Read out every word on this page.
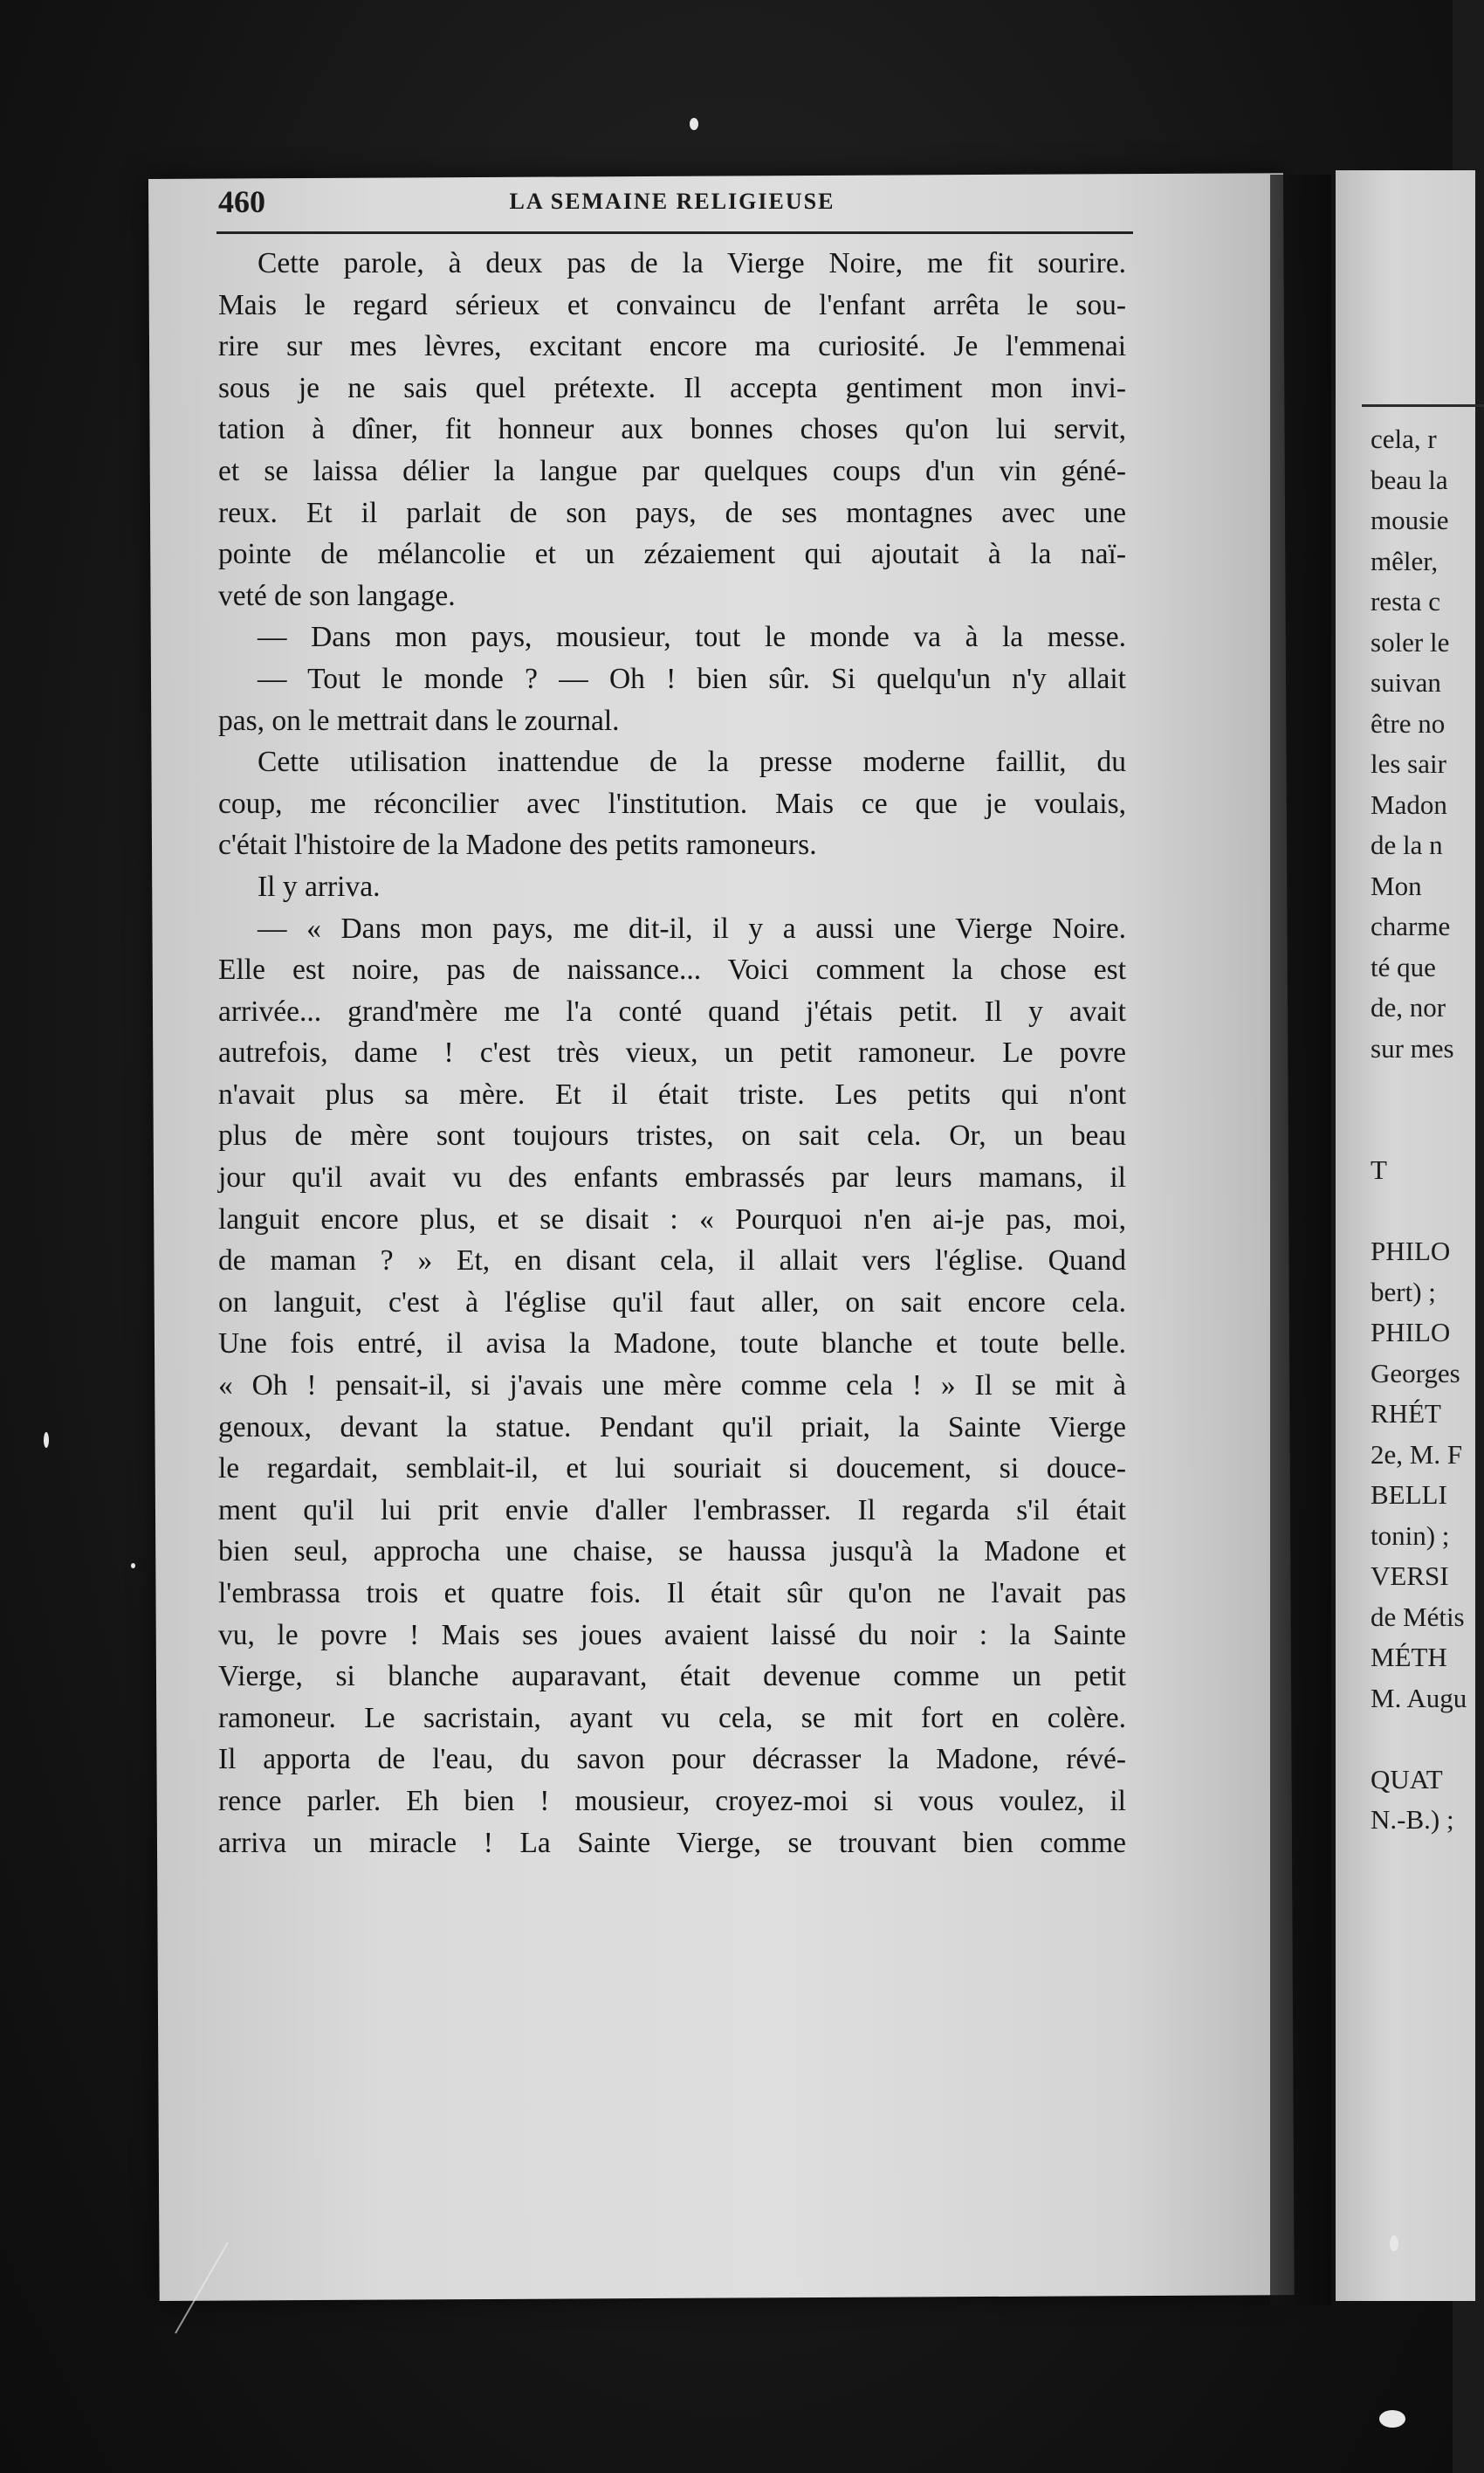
cela, r
beau la
mousie
mêler,
resta c
soler le
suivan
être no
les sair
Madon
de la n
Mon
charme
té que
de, nor
sur mes
T
PHILO
bert) ;
PHILO
Georges
RHÉT
2e, M. F
BELLI
tonin) ;
VERSI
de Métis
MÉTH
M. Augu
QUAT
N.-B.) ;
460	LA SEMAINE RELIGIEUSE
Cette parole, à deux pas de la Vierge Noire, me fit sourire.
Mais le regard sérieux et convaincu de l'enfant arrêta le sou-
rire sur mes lèvres, excitant encore ma curiosité. Je l'emmenai
sous je ne sais quel prétexte. Il accepta gentiment mon invi-
tation à dîner, fit honneur aux bonnes choses qu'on lui servit,
et se laissa délier la langue par quelques coups d'un vin géné-
reux. Et il parlait de son pays, de ses montagnes avec une
pointe de mélancolie et un zézaiement qui ajoutait à la naï-
veté de son langage.
— Dans mon pays, mousieur, tout le monde va à la messe.
— Tout le monde ? — Oh ! bien sûr. Si quelqu'un n'y allait
pas, on le mettrait dans le zournal.
Cette utilisation inattendue de la presse moderne faillit, du
coup, me réconcilier avec l'institution. Mais ce que je voulais,
c'était l'histoire de la Madone des petits ramoneurs.
Il y arriva.
— « Dans mon pays, me dit-il, il y a aussi une Vierge Noire.
Elle est noire, pas de naissance... Voici comment la chose est
arrivée... grand'mère me l'a conté quand j'étais petit. Il y avait
autrefois, dame ! c'est très vieux, un petit ramoneur. Le povre
n'avait plus sa mère. Et il était triste. Les petits qui n'ont
plus de mère sont toujours tristes, on sait cela. Or, un beau
jour qu'il avait vu des enfants embrassés par leurs mamans, il
languit encore plus, et se disait : « Pourquoi n'en ai-je pas, moi,
de maman ? » Et, en disant cela, il allait vers l'église. Quand
on languit, c'est à l'église qu'il faut aller, on sait encore cela.
Une fois entré, il avisa la Madone, toute blanche et toute belle.
« Oh ! pensait-il, si j'avais une mère comme cela ! » Il se mit à
genoux, devant la statue. Pendant qu'il priait, la Sainte Vierge
le regardait, semblait-il, et lui souriait si doucement, si douce-
ment qu'il lui prit envie d'aller l'embrasser. Il regarda s'il était
bien seul, approcha une chaise, se haussa jusqu'à la Madone et
l'embrassa trois et quatre fois. Il était sûr qu'on ne l'avait pas
vu, le povre ! Mais ses joues avaient laissé du noir : la Sainte
Vierge, si blanche auparavant, était devenue comme un petit
ramoneur. Le sacristain, ayant vu cela, se mit fort en colère.
Il apporta de l'eau, du savon pour décrasser la Madone, révé-
rence parler. Eh bien ! mousieur, croyez-moi si vous voulez, il
arriva un miracle ! La Sainte Vierge, se trouvant bien comme
